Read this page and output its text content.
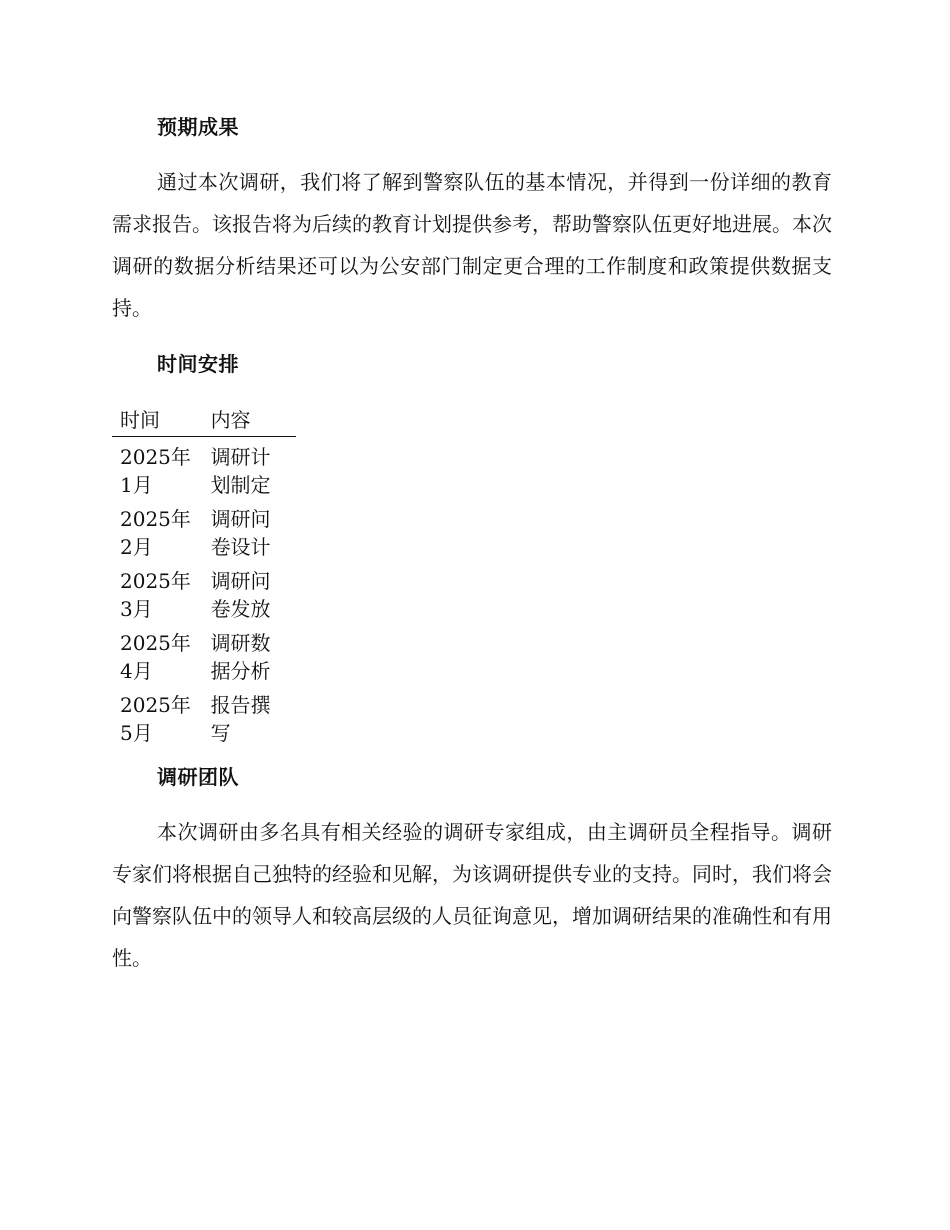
预期成果
通过本次调研，我们将了解到警察队伍的基本情况，并得到一份详细的教育需求报告。该报告将为后续的教育计划提供参考，帮助警察队伍更好地进展。本次调研的数据分析结果还可以为公安部门制定更合理的工作制度和政策提供数据支持。
时间安排
时间	内容

2025年1月	调研计划制定

2025年2月	调研问卷设计

2025年3月	调研问卷发放

2025年4月	调研数据分析

2025年5月	报告撰写
调研团队
本次调研由多名具有相关经验的调研专家组成，由主调研员全程指导。调研专家们将根据自己独特的经验和见解，为该调研提供专业的支持。同时，我们将会向警察队伍中的领导人和较高层级的人员征询意见，增加调研结果的准确性和有用性。
